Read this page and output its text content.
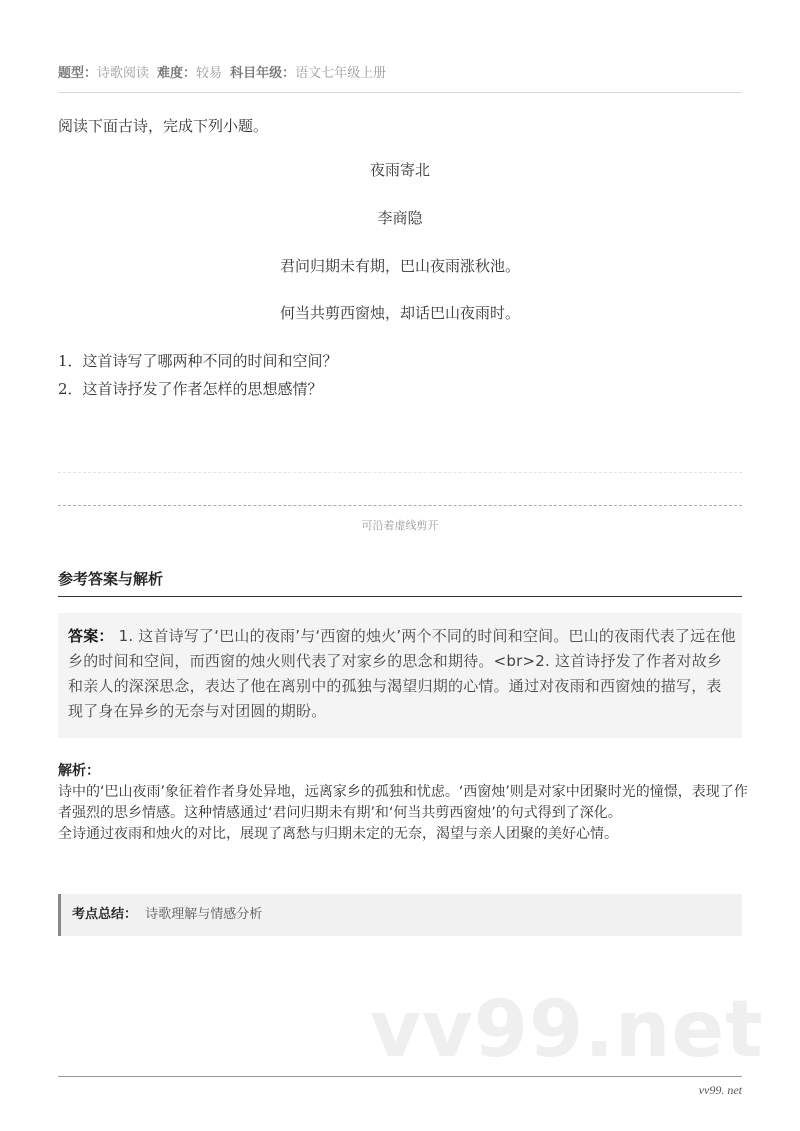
题型：诗歌阅读 难度：较易 科目年级：语文七年级上册
阅读下面古诗，完成下列小题。
夜雨寄北
李商隐
君问归期未有期，巴山夜雨涨秋池。
何当共剪西窗烛，却话巴山夜雨时。
1．这首诗写了哪两种不同的时间和空间？
2．这首诗抒发了作者怎样的思想感情？
可沿着虚线剪开
参考答案与解析
答案： 1. 这首诗写了‘巴山的夜雨’与‘西窗的烛火’两个不同的时间和空间。巴山的夜雨代表了远在他乡的时间和空间，而西窗的烛火则代表了对家乡的思念和期待。<br>2. 这首诗抒发了作者对故乡和亲人的深深思念，表达了他在离别中的孤独与渴望归期的心情。通过对夜雨和西窗烛的描写，表现了身在异乡的无奈与对团圆的期盼。
解析：
诗中的‘巴山夜雨’象征着作者身处异地，远离家乡的孤独和忧虑。‘西窗烛’则是对家中团聚时光的憧憬，表现了作者强烈的思乡情感。这种情感通过‘君问归期未有期’和‘何当共剪西窗烛’的句式得到了深化。
全诗通过夜雨和烛火的对比，展现了离愁与归期未定的无奈，渴望与亲人团聚的美好心情。
考点总结： 诗歌理解与情感分析
vv99.net
vv99. net
